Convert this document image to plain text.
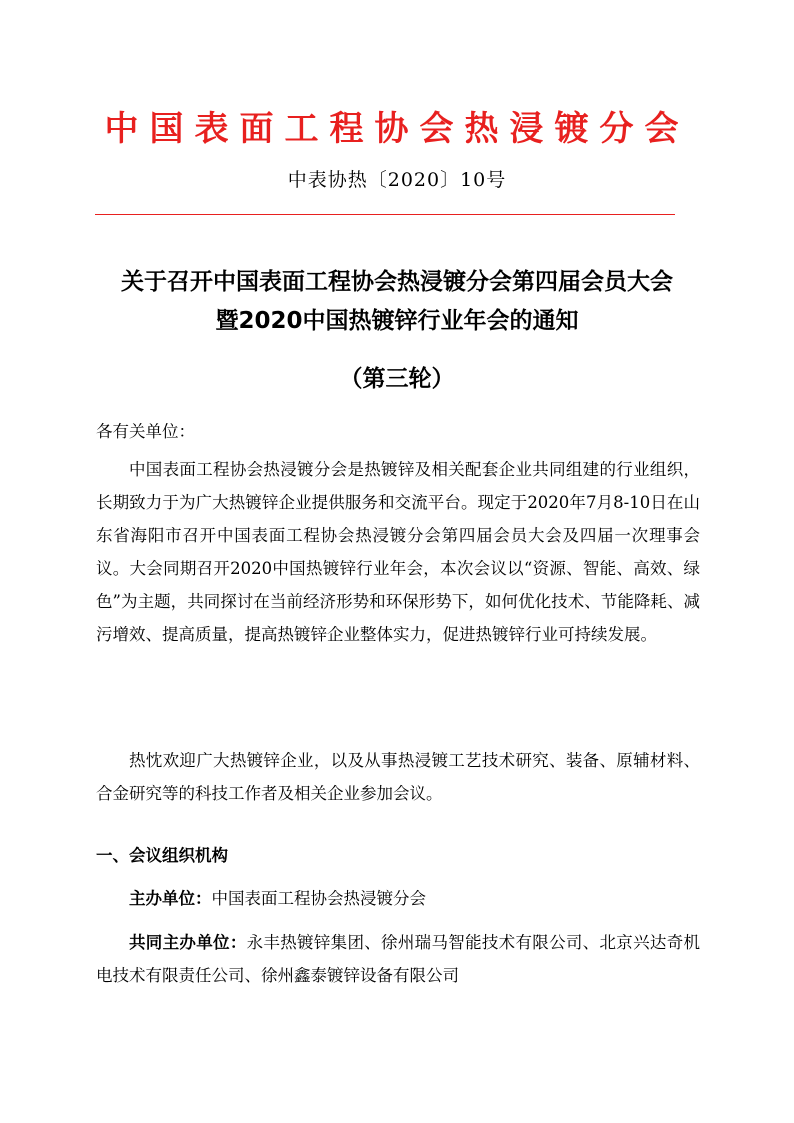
中国表面工程协会热浸镀分会
中表协热〔2020〕10号
关于召开中国表面工程协会热浸镀分会第四届会员大会
暨2020中国热镀锌行业年会的通知
（第三轮）
各有关单位：
中国表面工程协会热浸镀分会是热镀锌及相关配套企业共同组建的行业组织，长期致力于为广大热镀锌企业提供服务和交流平台。现定于2020年7月8-10日在山东省海阳市召开中国表面工程协会热浸镀分会第四届会员大会及四届一次理事会议。大会同期召开2020中国热镀锌行业年会，本次会议以“资源、智能、高效、绿色”为主题，共同探讨在当前经济形势和环保形势下，如何优化技术、节能降耗、减污增效、提高质量，提高热镀锌企业整体实力，促进热镀锌行业可持续发展。
热忱欢迎广大热镀锌企业，以及从事热浸镀工艺技术研究、装备、原辅材料、合金研究等的科技工作者及相关企业参加会议。
一、会议组织机构
主办单位：中国表面工程协会热浸镀分会
共同主办单位：永丰热镀锌集团、徐州瑞马智能技术有限公司、北京兴达奇机电技术有限责任公司、徐州鑫泰镀锌设备有限公司
